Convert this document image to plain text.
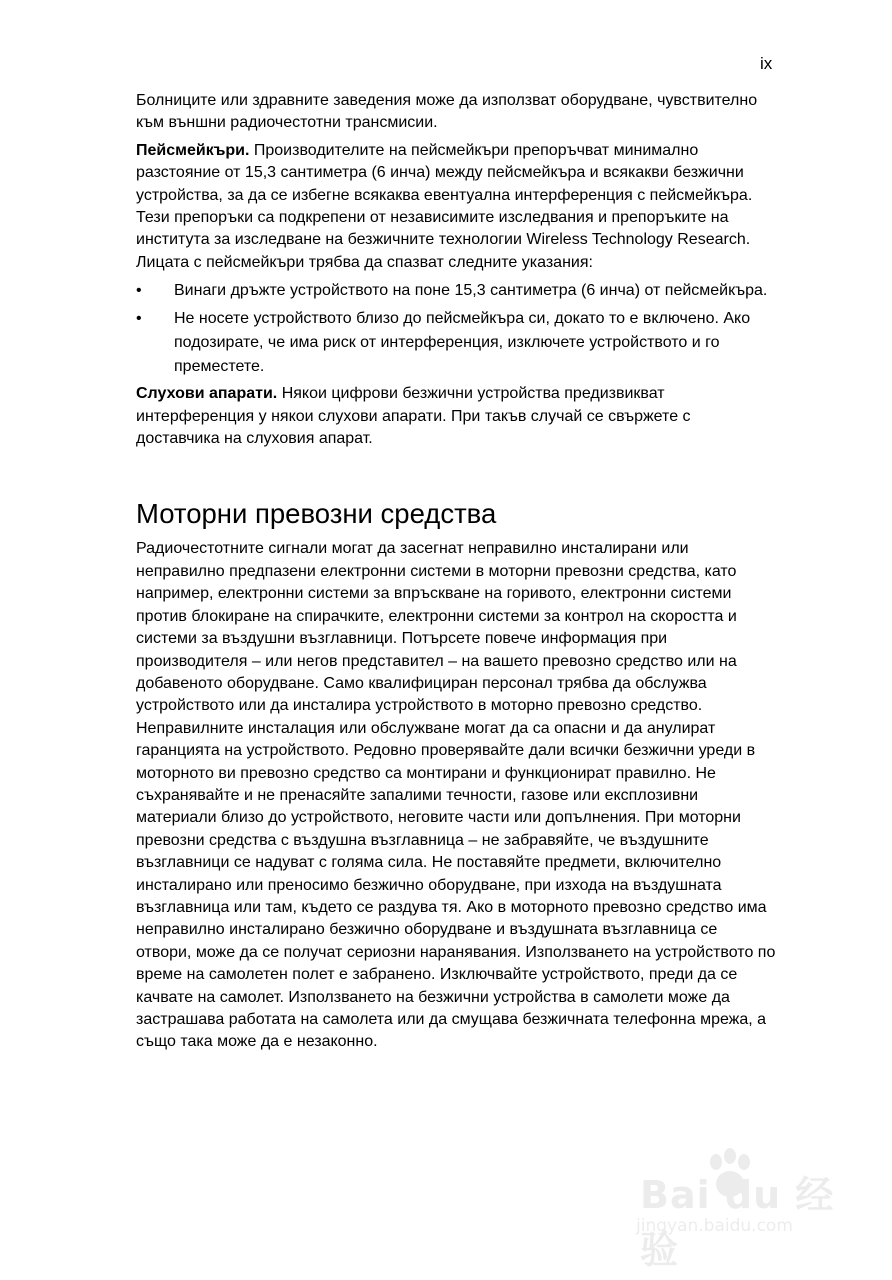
ix

Болниците или здравните заведения може да използват оборудване, чувствително към външни радиочестотни трансмисии.

Пейсмейкъри. Производителите на пейсмейкъри препоръчват минимално разстояние от 15,3 сантиметра (6 инча) между пейсмейкъра и всякакви безжични устройства, за да се избегне всякаква евентуална интерференция с пейсмейкъра. Тези препоръки са подкрепени от независимите изследвания и препоръките на института за изследване на безжичните технологии Wireless Technology Research. Лицата с пейсмейкъри трябва да спазват следните указания:

• Винаги дръжте устройството на поне 15,3 сантиметра (6 инча) от пейсмейкъра.
• Не носете устройството близо до пейсмейкъра си, докато то е включено. Ако подозирате, че има риск от интерференция, изключете устройството и го преместете.

Слухови апарати. Някои цифрови безжични устройства предизвикват интерференция у някои слухови апарати. При такъв случай се свържете с доставчика на слуховия апарат.

Моторни превозни средства

Радиочестотните сигнали могат да засегнат неправилно инсталирани или неправилно предпазени електронни системи в моторни превозни средства, като например, електронни системи за впръскване на горивото, електронни системи против блокиране на спирачките, електронни системи за контрол на скоростта и системи за въздушни възглавници. Потърсете повече информация при производителя – или негов представител – на вашето превозно средство или на добавеното оборудване. Само квалифициран персонал трябва да обслужва устройството или да инсталира устройството в моторно превозно средство. Неправилните инсталация или обслужване могат да са опасни и да анулират гаранцията на устройството. Редовно проверявайте дали всички безжични уреди в моторното ви превозно средство са монтирани и функционират правилно. Не съхранявайте и не пренасяйте запалими течности, газове или експлозивни материали близо до устройството, неговите части или допълнения. При моторни превозни средства с въздушна възглавница – не забравяйте, че въздушните възглавници се надуват с голяма сила. Не поставяйте предмети, включително инсталирано или преносимо безжично оборудване, при изхода на въздушната възглавница или там, където се раздува тя. Ако в моторното превозно средство има неправилно инсталирано безжично оборудване и въздушната възглавница се отвори, може да се получат сериозни наранявания. Използването на устройството по време на самолетен полет е забранено. Изключвайте устройството, преди да се качвате на самолет. Използването на безжични устройства в самолети може да застрашава работата на самолета или да смущава безжичната телефонна мрежа, а също така може да е незаконно.

Bai du 经验
jingyan.baidu.com
